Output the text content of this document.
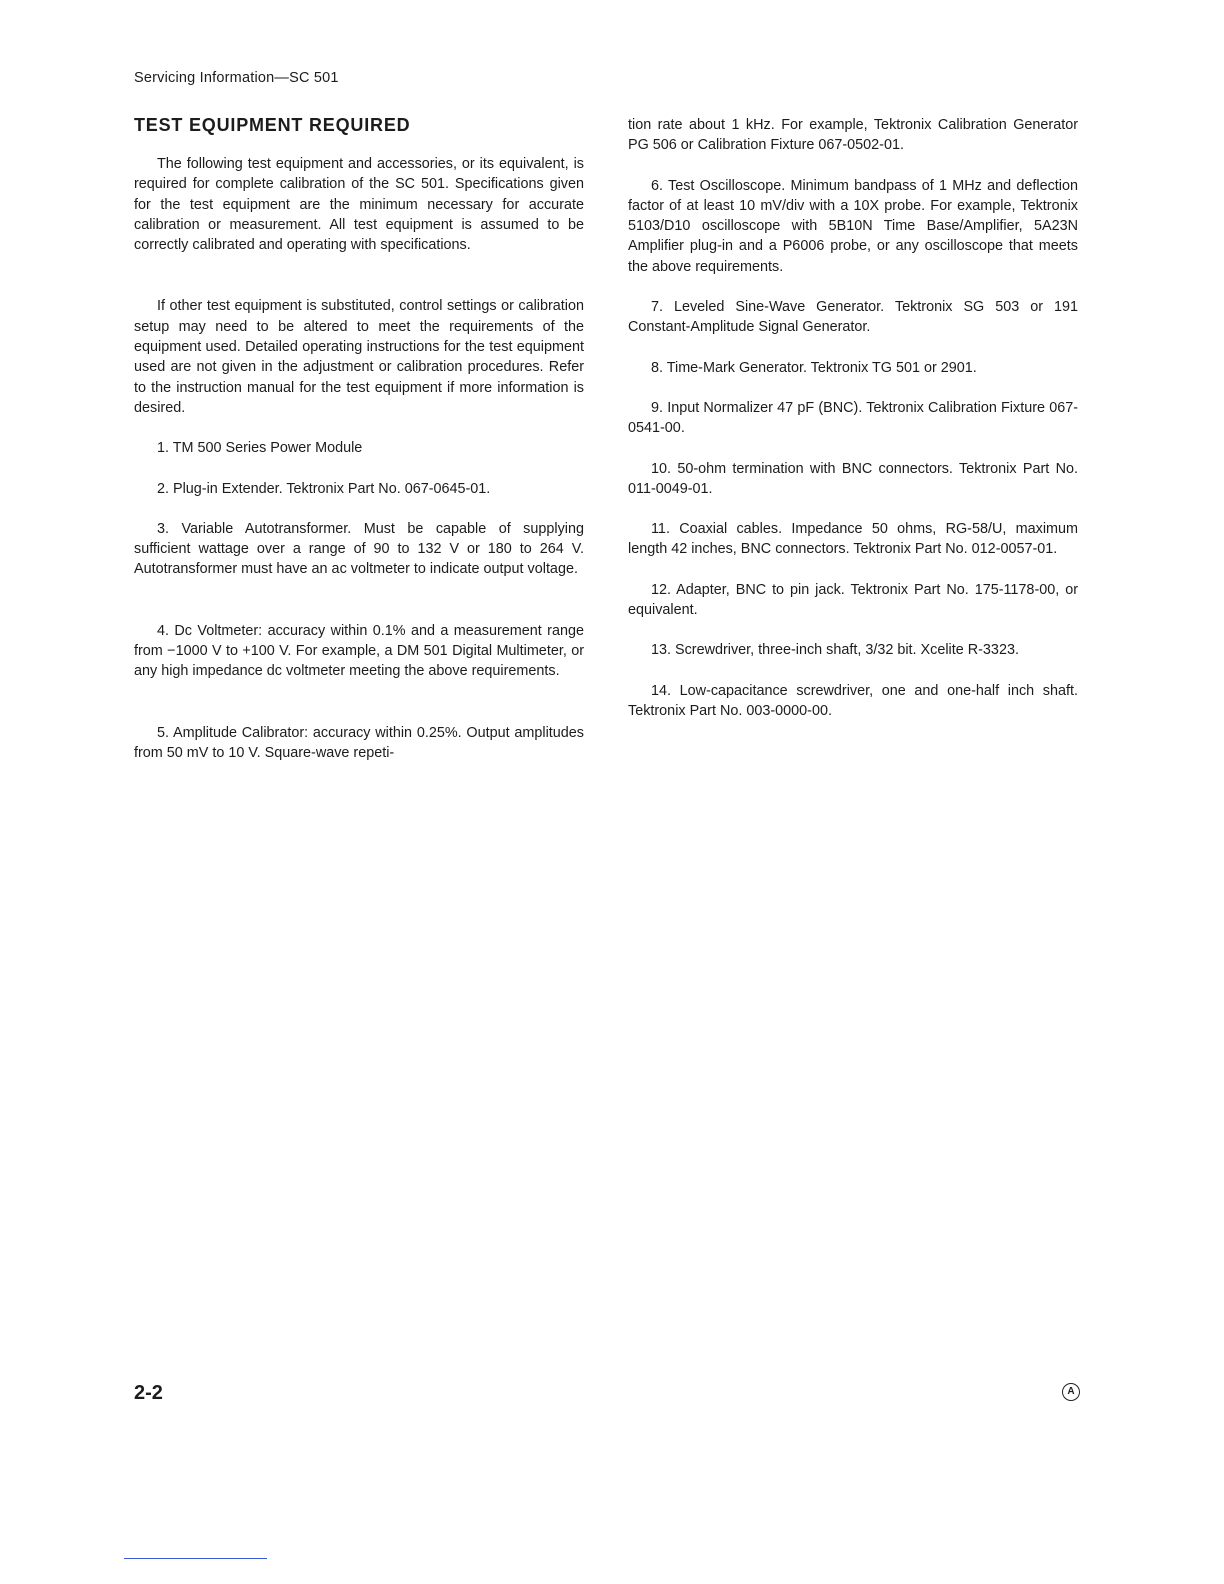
Servicing Information—SC 501
TEST EQUIPMENT REQUIRED

The following test equipment and accessories, or its equivalent, is required for complete calibration of the SC 501. Specifications given for the test equipment are the minimum necessary for accurate calibration or measurement. All test equipment is assumed to be correctly calibrated and operating with specifications.

If other test equipment is substituted, control settings or calibration setup may need to be altered to meet the requirements of the equipment used. Detailed operating instructions for the test equipment used are not given in the adjustment or calibration procedures. Refer to the instruction manual for the test equipment if more information is desired.

1. TM 500 Series Power Module

2. Plug-in Extender. Tektronix Part No. 067-0645-01.

3. Variable Autotransformer. Must be capable of supplying sufficient wattage over a range of 90 to 132 V or 180 to 264 V. Autotransformer must have an ac voltmeter to indicate output voltage.

4. Dc Voltmeter: accuracy within 0.1% and a measurement range from −1000 V to +100 V. For example, a DM 501 Digital Multimeter, or any high impedance dc voltmeter meeting the above requirements.

5. Amplitude Calibrator: accuracy within 0.25%. Output amplitudes from 50 mV to 10 V. Square-wave repeti-

tion rate about 1 kHz. For example, Tektronix Calibration Generator PG 506 or Calibration Fixture 067-0502-01.

6. Test Oscilloscope. Minimum bandpass of 1 MHz and deflection factor of at least 10 mV/div with a 10X probe. For example, Tektronix 5103/D10 oscilloscope with 5B10N Time Base/Amplifier, 5A23N Amplifier plug-in and a P6006 probe, or any oscilloscope that meets the above requirements.

7. Leveled Sine-Wave Generator. Tektronix SG 503 or 191 Constant-Amplitude Signal Generator.

8. Time-Mark Generator. Tektronix TG 501 or 2901.

9. Input Normalizer 47 pF (BNC). Tektronix Calibration Fixture 067-0541-00.

10. 50-ohm termination with BNC connectors. Tektronix Part No. 011-0049-01.

11. Coaxial cables. Impedance 50 ohms, RG-58/U, maximum length 42 inches, BNC connectors. Tektronix Part No. 012-0057-01.

12. Adapter, BNC to pin jack. Tektronix Part No. 175-1178-00, or equivalent.

13. Screwdriver, three-inch shaft, 3/32 bit. Xcelite R-3323.

14. Low-capacitance screwdriver, one and one-half inch shaft. Tektronix Part No. 003-0000-00.

2-2	A
